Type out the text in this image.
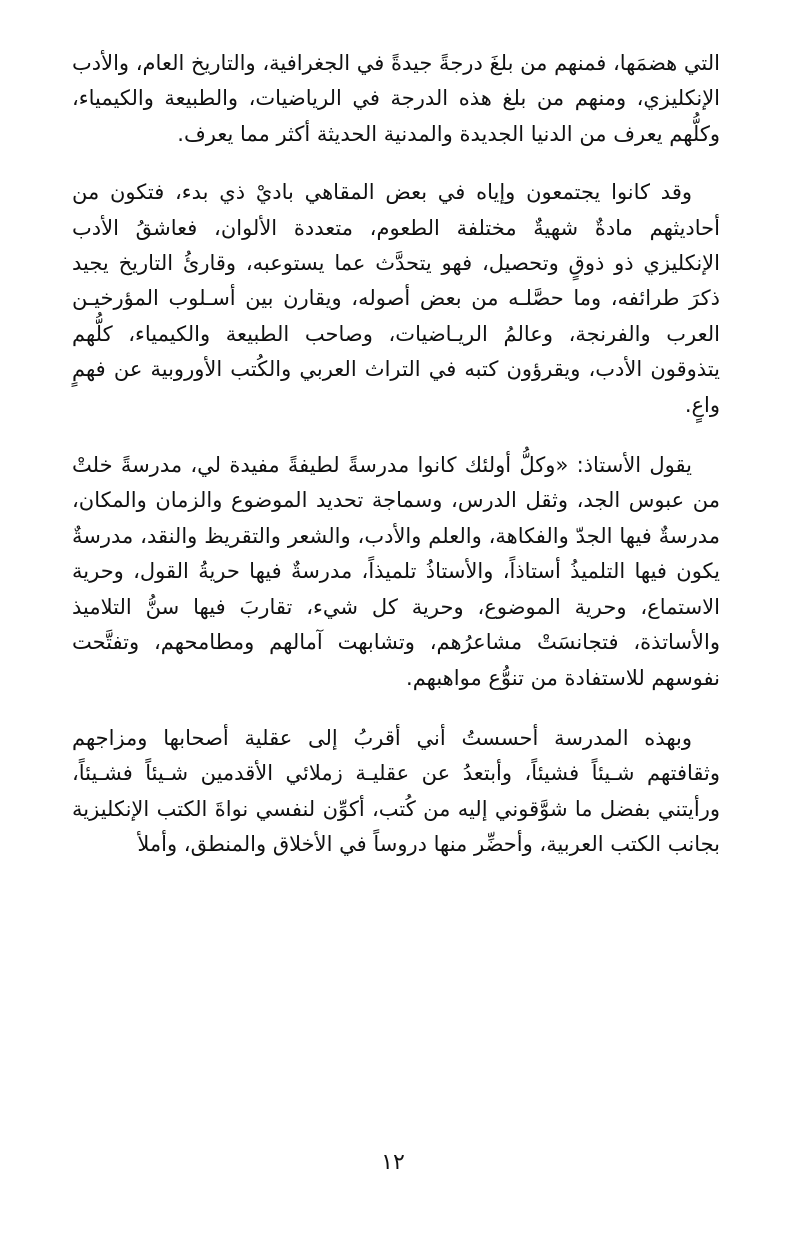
التي هضمَها، فمنهم من بلغَ درجةً جيدةً في الجغرافية، والتاريخ العام، والأدب الإنكليزي، ومنهم من بلغ هذه الدرجة في الرياضيات، والطبيعة والكيمياء، وكلُّهم يعرف من الدنيا الجديدة والمدنية الحديثة أكثر مما يعرف.

وقد كانوا يجتمعون وإياه في بعض المقاهي باديْ ذي بدء، فتكون من أحاديثهم مادةٌ شهيةٌ مختلفة الطعوم، متعددة الألوان، فعاشقُ الأدب الإنكليزي ذو ذوقٍ وتحصيل، فهو يتحدَّث عما يستوعبه، وقارئُ التاريخ يجيد ذكرَ طرائفه، وما حصَّلـه من بعض أصوله، ويقارن بين أسـلوب المؤرخيـن العرب والفرنجة، وعالمُ الريـاضيات، وصاحب الطبيعة والكيمياء، كلُّهم يتذوقون الأدب، ويقرؤون كتبه في التراث العربي والكُتب الأوروبية عن فهمٍ واعٍ.

يقول الأستاذ: «وكلُّ أولئك كانوا مدرسةً لطيفةً مفيدة لي، مدرسةً خلتْ من عبوس الجد، وثقل الدرس، وسماجة تحديد الموضوع والزمان والمكان، مدرسةٌ فيها الجدّ والفكاهة، والعلم والأدب، والشعر والتقريظ والنقد، مدرسةٌ يكون فيها التلميذُ أستاذاً، والأستاذُ تلميذاً، مدرسةٌ فيها حريةُ القول، وحرية الاستماع، وحرية الموضوع، وحرية كل شيء، تقاربَ فيها سنُّ التلاميذ والأساتذة، فتجانسَتْ مشاعرُهم، وتشابهت آمالهم ومطامحهم، وتفتَّحت نفوسهم للاستفادة من تنوُّع مواهبهم.

وبهذه المدرسة أحسستُ أني أقربُ إلى عقلية أصحابها ومزاجهم وثقافتهم شـيئاً فشيئاً، وأبتعدُ عن عقليـة زملائي الأقدمين شـيئاً فشـيئاً، ورأيتني بفضل ما شوَّقوني إليه من كُتب، أكوِّن لنفسي نواةَ الكتب الإنكليزية بجانب الكتب العربية، وأحضِّر منها دروساً في الأخلاق والمنطق، وأملأ

١٢
